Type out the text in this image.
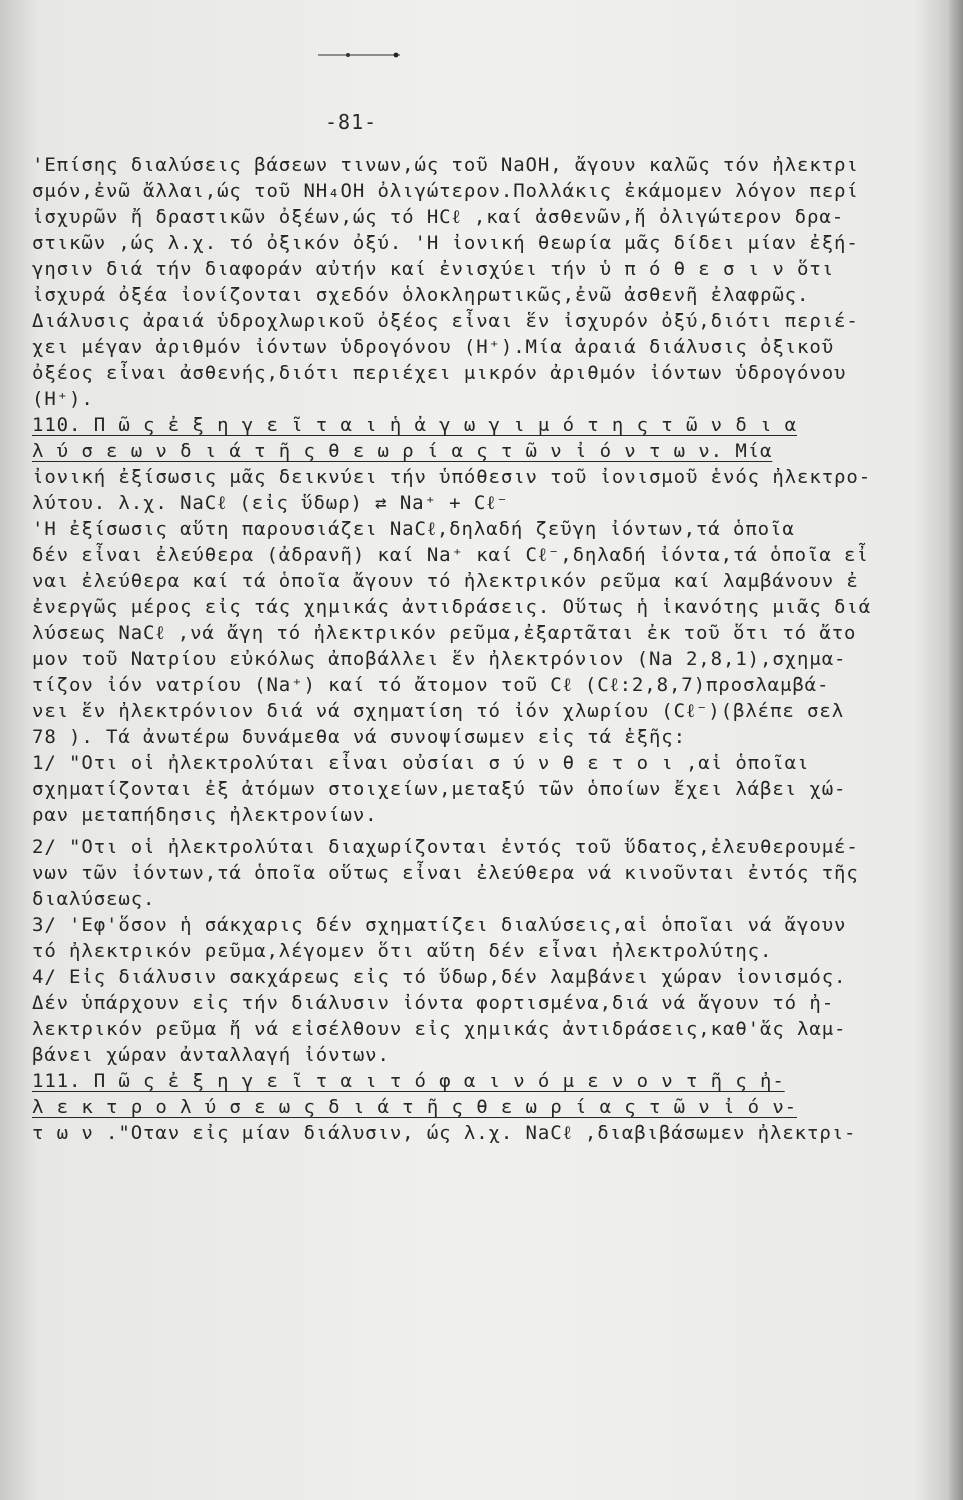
-81-
'Επίσης διαλύσεις βάσεων τινων,ώς τοῦ NaOH, ἄγουν καλῶς τόν ἠλεκτρι
σμόν,ἐνῶ ἄλλαι,ώς τοῦ NH₄OH ὀλιγώτερον.Πολλάκις ἐκάμομεν λόγον περί
ἰσχυρῶν ἤ δραστικῶν ὀξέων,ώς τό HCℓ ,καί ἀσθενῶν,ἤ ὀλιγώτερον δρα-
στικῶν ,ώς λ.χ. τό ὀξικόν ὀξύ. 'Η ἰονική θεωρία μᾶς δίδει μίαν ἐξή-
γησιν διά τήν διαφοράν αὐτήν καί ἐνισχύει τήν ὑ π ό θ ε σ ι ν ὅτι
ἰσχυρά ὀξέα ἰονίζονται σχεδόν ὁλοκληρωτικῶς,ἐνῶ ἀσθενῆ ἐλαφρῶς.
Διάλυσις ἀραιά ὑδροχλωρικοῦ ὀξέος εἶναι ἕν ἰσχυρόν ὀξύ,διότι περιέ-
χει μέγαν ἀριθμόν ἰόντων ὑδρογόνου (H⁺).Μία ἀραιά διάλυσις ὀξικοῦ
ὀξέος εἶναι ἀσθενής,διότι περιέχει μικρόν ἀριθμόν ἰόντων ὑδρογόνου
(H⁺).
110. Π ῶ ς ἐ ξ η γ ε ῖ τ α ι ἡ ἀ γ ω γ ι μ ό τ η ς τ ῶ ν δ ι α
λ ύ σ ε ω ν δ ι ά τ ῆ ς θ ε ω ρ ί α ς τ ῶ ν ἰ ό ν τ ω ν. Μία
ἰονική ἐξίσωσις μᾶς δεικνύει τήν ὑπόθεσιν τοῦ ἰονισμοῦ ἑνός ἠλεκτρο-
λύτου. λ.χ. NaCℓ (εἰς ὕδωρ) ⇄ Na⁺ + Cℓ⁻
'Η ἐξίσωσις αὕτη παρουσιάζει NaCℓ,δηλαδή ζεῦγη ἰόντων,τά ὁποῖα
δέν εἶναι ἐλεύθερα (ἀδρανῆ) καί Na⁺ καί Cℓ⁻,δηλαδή ἰόντα,τά ὁποῖα εἶ
ναι ἐλεύθερα καί τά ὁποῖα ἄγουν τό ἠλεκτρικόν ρεῦμα καί λαμβάνουν ἐ
ἐνεργῶς μέρος εἰς τάς χημικάς ἀντιδράσεις. Οὕτως ἡ ἱκανότης μιᾶς διά
λύσεως NaCℓ ,νά ἄγη τό ἠλεκτρικόν ρεῦμα,ἐξαρτᾶται ἐκ τοῦ ὅτι τό ἄτο
μον τοῦ Νατρίου εὐκόλως ἀποβάλλει ἕν ἠλεκτρόνιον (Na 2,8,1),σχημα-
τίζον ἰόν νατρίου (Na⁺) καί τό ἄτομον τοῦ Cℓ (Cℓ:2,8,7)προσλαμβά-
νει ἕν ἠλεκτρόνιον διά νά σχηματίση τό ἰόν χλωρίου (Cℓ⁻)(βλέπε σελ
78 ). Τά ἀνωτέρω δυνάμεθα νά συνοψίσωμεν εἰς τά ἑξῆς:
1/ "Οτι οἱ ἠλεκτρολύται εἶναι οὐσίαι σ ύ ν θ ε τ ο ι ,αἱ ὁποῖαι
σχηματίζονται ἐξ ἀτόμων στοιχείων,μεταξύ τῶν ὁποίων ἔχει λάβει χώ-
ραν μεταπήδησις ἠλεκτρονίων.
2/ "Οτι οἱ ἠλεκτρολύται διαχωρίζονται ἐντός τοῦ ὕδατος,ἐλευθερουμέ-
νων τῶν ἰόντων,τά ὁποῖα οὕτως εἶναι ἐλεύθερα νά κινοῦνται ἐντός τῆς
διαλύσεως.
3/ 'Εφ'ὅσον ἡ σάκχαρις δέν σχηματίζει διαλύσεις,αἱ ὁποῖαι νά ἄγουν
τό ἠλεκτρικόν ρεῦμα,λέγομεν ὅτι αὕτη δέν εἶναι ἠλεκτρολύτης.
4/ Εἰς διάλυσιν σακχάρεως εἰς τό ὕδωρ,δέν λαμβάνει χώραν ἰονισμός.
Δέν ὑπάρχουν εἰς τήν διάλυσιν ἰόντα φορτισμένα,διά νά ἄγουν τό ἠ-
λεκτρικόν ρεῦμα ἤ νά εἰσέλθουν εἰς χημικάς ἀντιδράσεις,καθ'ἅς λαμ-
βάνει χώραν ἀνταλλαγή ἰόντων.
111. Π ῶ ς ἐ ξ η γ ε ῖ τ α ι τ ό φ α ι ν ό μ ε ν ο ν τ ῆ ς ἠ-
λ ε κ τ ρ ο λ ύ σ ε ω ς δ ι ά τ ῆ ς θ ε ω ρ ί α ς τ ῶ ν ἰ ό ν-
τ ω ν ."Οταν εἰς μίαν διάλυσιν, ώς λ.χ. NaCℓ ,διαβιβάσωμεν ἠλεκτρι-
